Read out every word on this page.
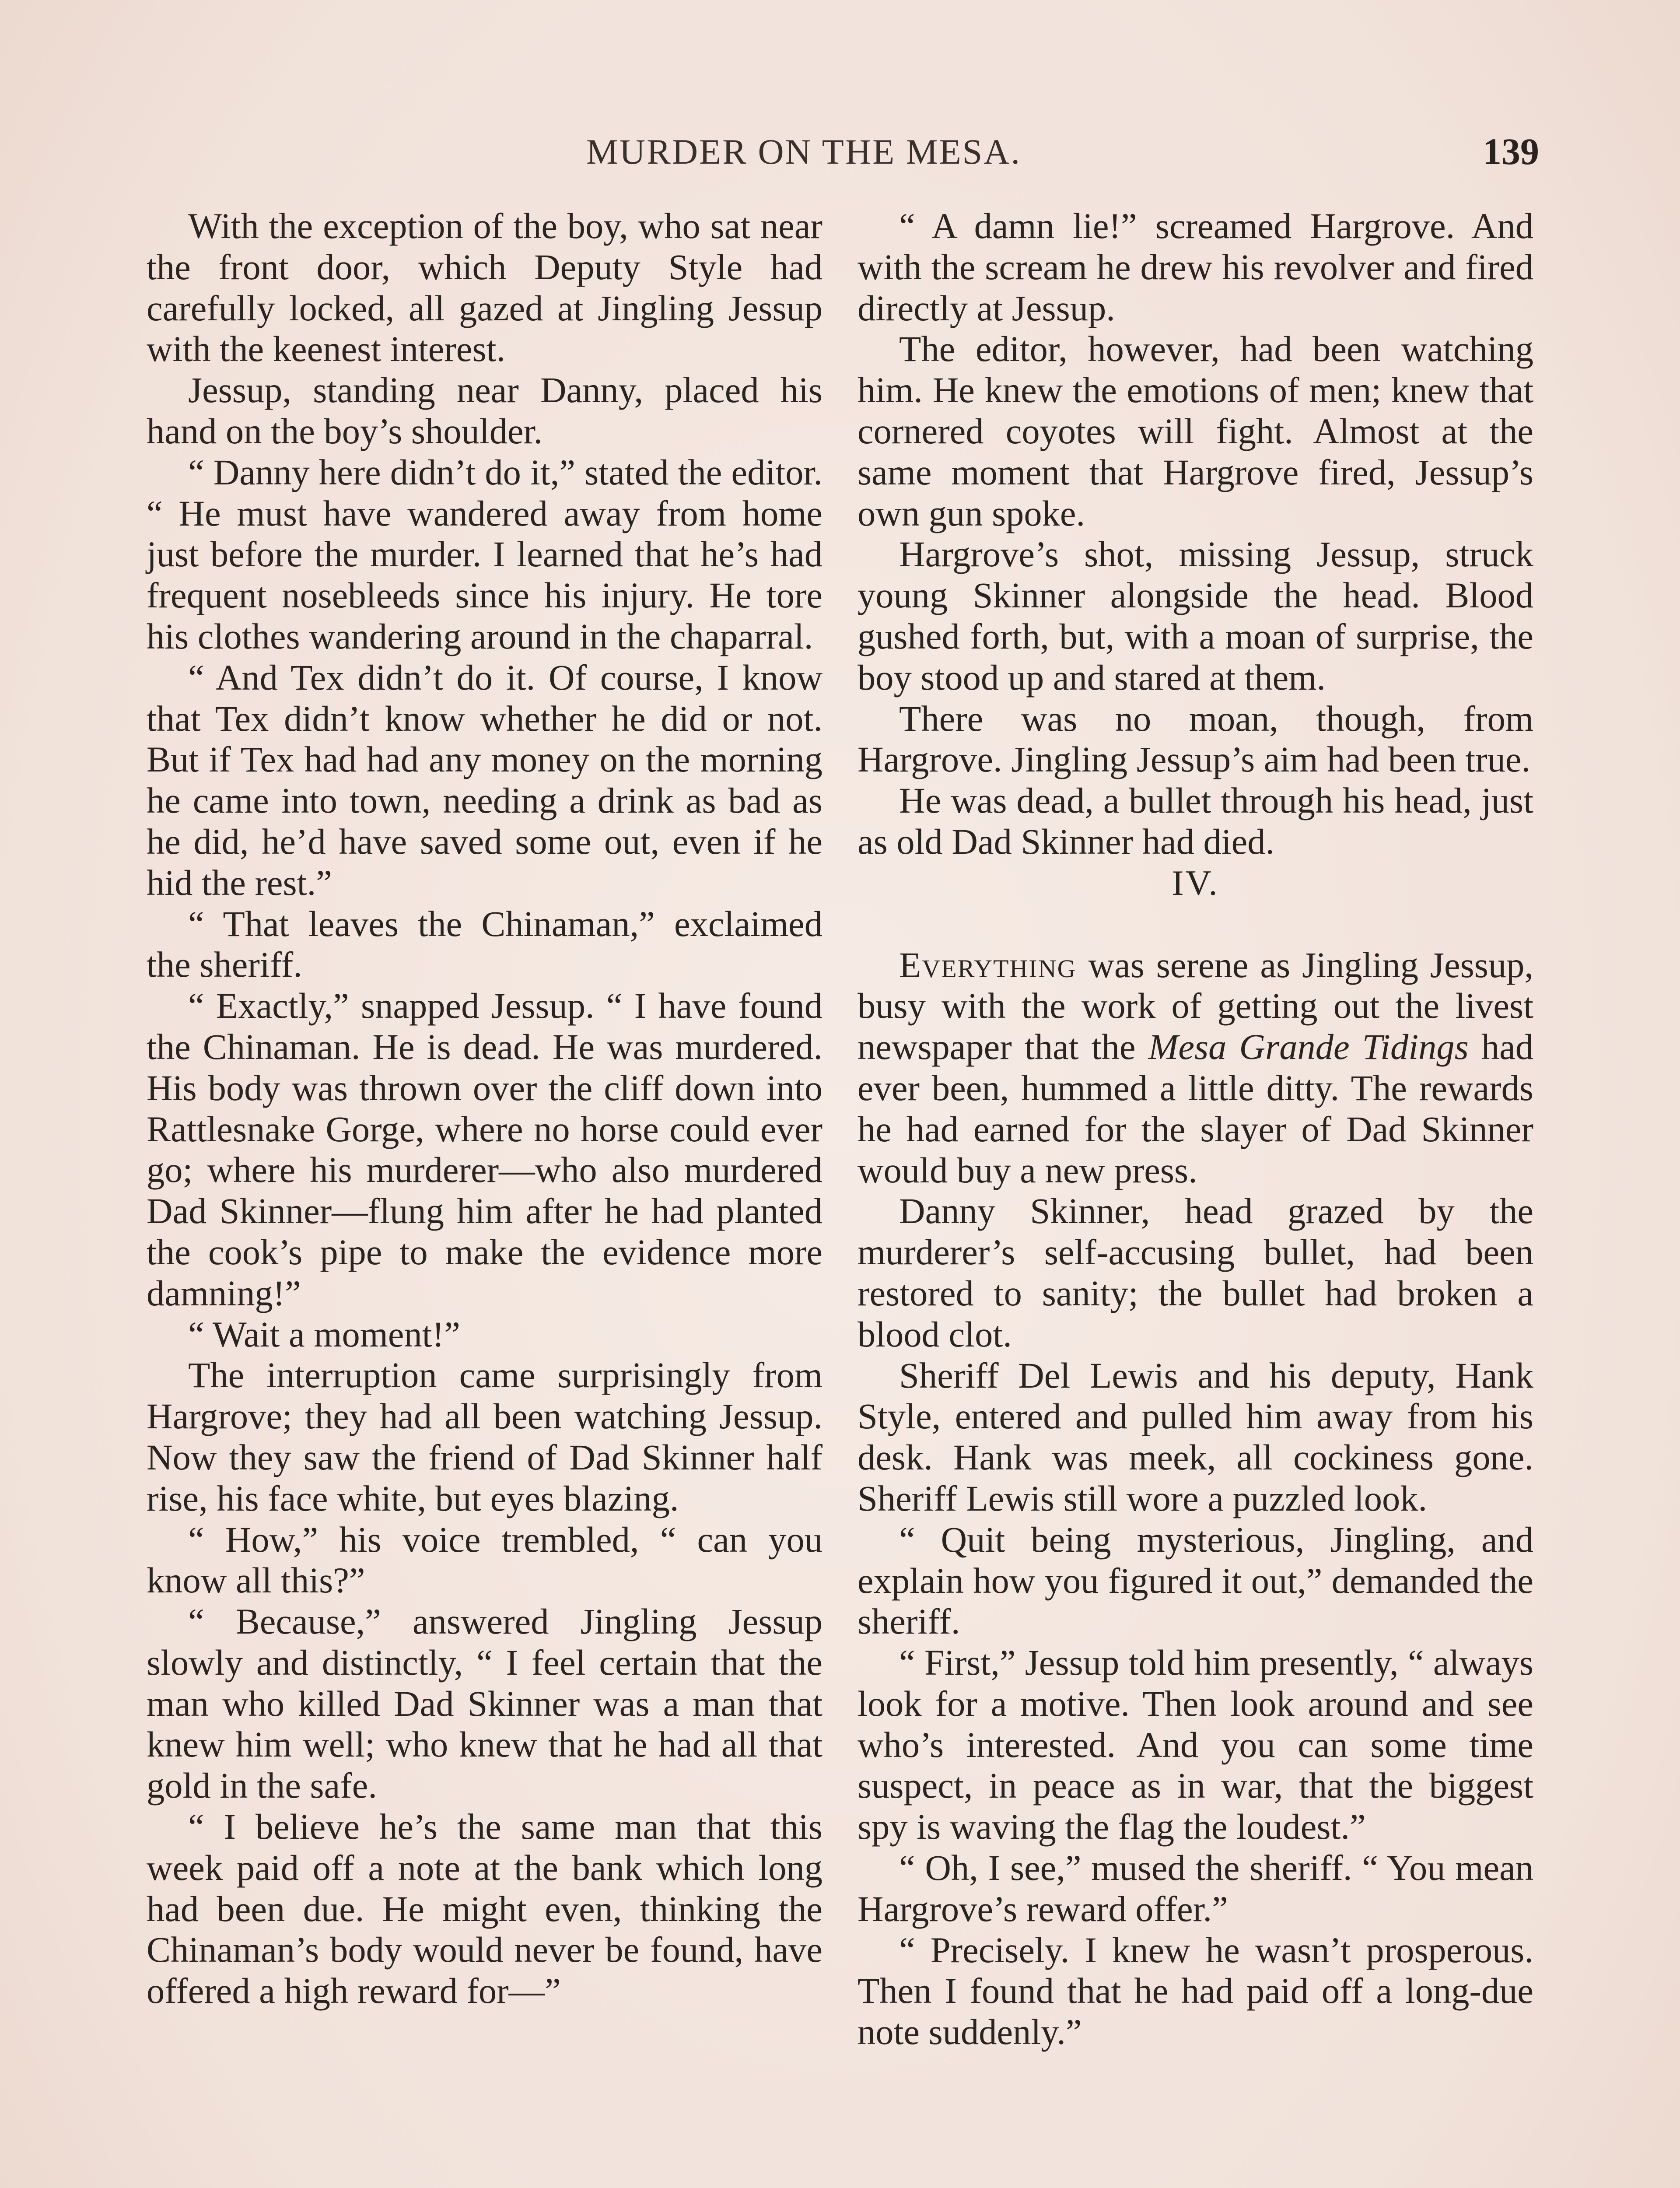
MURDER ON THE MESA.	139

With the exception of the boy, who sat near the front door, which Deputy Style had carefully locked, all gazed at Jingling Jessup with the keenest interest.

Jessup, standing near Danny, placed his hand on the boy’s shoulder.

“ Danny here didn’t do it,” stated the editor. “ He must have wandered away from home just before the murder. I learned that he’s had frequent nosebleeds since his injury. He tore his clothes wandering around in the chaparral.

“ And Tex didn’t do it. Of course, I know that Tex didn’t know whether he did or not. But if Tex had had any money on the morning he came into town, needing a drink as bad as he did, he’d have saved some out, even if he hid the rest.”

“ That leaves the Chinaman,” exclaimed the sheriff.

“ Exactly,” snapped Jessup. “ I have found the Chinaman. He is dead. He was murdered. His body was thrown over the cliff down into Rattlesnake Gorge, where no horse could ever go; where his murderer—who also murdered Dad Skinner—flung him after he had planted the cook’s pipe to make the evidence more damning!”

“ Wait a moment!”

The interruption came surprisingly from Hargrove; they had all been watching Jessup. Now they saw the friend of Dad Skinner half rise, his face white, but eyes blazing.

“ How,” his voice trembled, “ can you know all this?”

“ Because,” answered Jingling Jessup slowly and distinctly, “ I feel certain that the man who killed Dad Skinner was a man that knew him well; who knew that he had all that gold in the safe.

“ I believe he’s the same man that this week paid off a note at the bank which long had been due. He might even, thinking the Chinaman’s body would never be found, have offered a high reward for—”

“ A damn lie!” screamed Hargrove. And with the scream he drew his revolver and fired directly at Jessup.

The editor, however, had been watching him. He knew the emotions of men; knew that cornered coyotes will fight. Almost at the same moment that Hargrove fired, Jessup’s own gun spoke.

Hargrove’s shot, missing Jessup, struck young Skinner alongside the head. Blood gushed forth, but, with a moan of surprise, the boy stood up and stared at them.

There was no moan, though, from Hargrove. Jingling Jessup’s aim had been true.

He was dead, a bullet through his head, just as old Dad Skinner had died.

IV.

Everything was serene as Jingling Jessup, busy with the work of getting out the livest newspaper that the Mesa Grande Tidings had ever been, hummed a little ditty. The rewards he had earned for the slayer of Dad Skinner would buy a new press.

Danny Skinner, head grazed by the murderer’s self-accusing bullet, had been restored to sanity; the bullet had broken a blood clot.

Sheriff Del Lewis and his deputy, Hank Style, entered and pulled him away from his desk. Hank was meek, all cockiness gone. Sheriff Lewis still wore a puzzled look.

“ Quit being mysterious, Jingling, and explain how you figured it out,” demanded the sheriff.

“ First,” Jessup told him presently, “ always look for a motive. Then look around and see who’s interested. And you can some time suspect, in peace as in war, that the biggest spy is waving the flag the loudest.”

“ Oh, I see,” mused the sheriff. “ You mean Hargrove’s reward offer.”

“ Precisely. I knew he wasn’t prosperous. Then I found that he had paid off a long-due note suddenly.”
